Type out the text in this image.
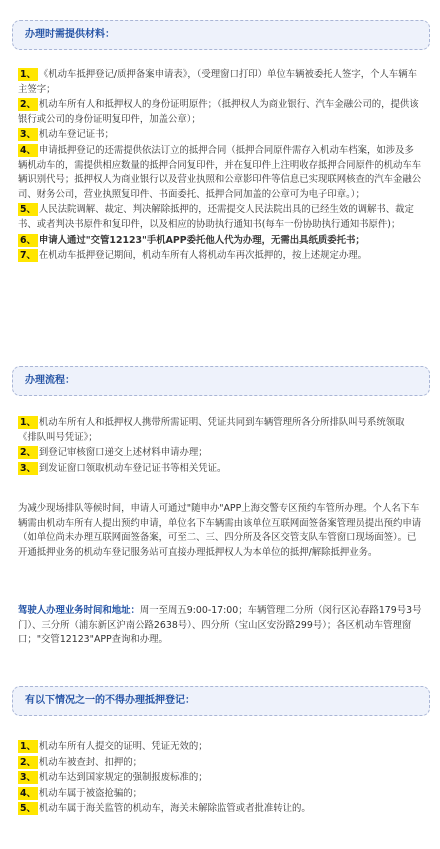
办理时需提供材料：
1、 《机动车抵押登记/质押备案申请表》，（受理窗口打印）单位车辆被委托人签字，个人车辆车主签字；
2、 机动车所有人和抵押权人的身份证明原件；（抵押权人为商业银行、汽车金融公司的，提供该银行或公司的身份证明复印件，加盖公章）；
3、 机动车登记证书；
4、 申请抵押登记的还需提供依法订立的抵押合同（抵押合同原件需存入机动车档案，如涉及多辆机动车的，需提供相应数量的抵押合同复印件，并在复印件上注明收存抵押合同原件的机动车车辆识别代号；抵押权人为商业银行以及营业执照和公章影印件等信息已实现联网核查的汽车金融公司、财务公司，营业执照复印件、书面委托、抵押合同加盖的公章可为电子印章。）；
5、 人民法院调解、裁定、判决解除抵押的，还需提交人民法院出具的已经生效的调解书、裁定书、或者判决书原件和复印件，以及相应的协助执行通知书(每车一份协助执行通知书原件)；
6、 申请人通过"交管12123"手机APP委托他人代为办理，无需出具纸质委托书；
7、 在机动车抵押登记期间，机动车所有人将机动车再次抵押的，按上述规定办理。
办理流程：
1、 机动车所有人和抵押权人携带所需证明、凭证共同到车辆管理所各分所排队叫号系统领取《排队叫号凭证》；
2、 到登记审核窗口递交上述材料申请办理；
3、 到发证窗口领取机动车登记证书等相关凭证。
为减少现场排队等候时间，申请人可通过"随申办"APP上海交警专区预约车管所办理。个人名下车辆需由机动车所有人提出预约申请，单位名下车辆需由该单位互联网面签备案管理员提出预约申请（如单位尚未办理互联网面签备案，可至二、三、四分所及各区交管支队车管窗口现场面签）。已开通抵押业务的机动车登记服务站可直接办理抵押权人为本单位的抵押/解除抵押业务。
驾驶人办理业务时间和地址：周一至周五9:00-17:00；车辆管理二分所（闵行区沁春路179号3号门）、三分所（浦东新区沪南公路2638号）、四分所（宝山区安汾路299号）；各区机动车管理窗口；"交管12123"APP查询和办理。
有以下情况之一的不得办理抵押登记：
1、 机动车所有人提交的证明、凭证无效的；
2、 机动车被查封、扣押的；
3、 机动车达到国家规定的强制报废标准的；
4、 机动车属于被盗抢骗的；
5、 机动车属于海关监管的机动车，海关未解除监管或者批准转让的。
